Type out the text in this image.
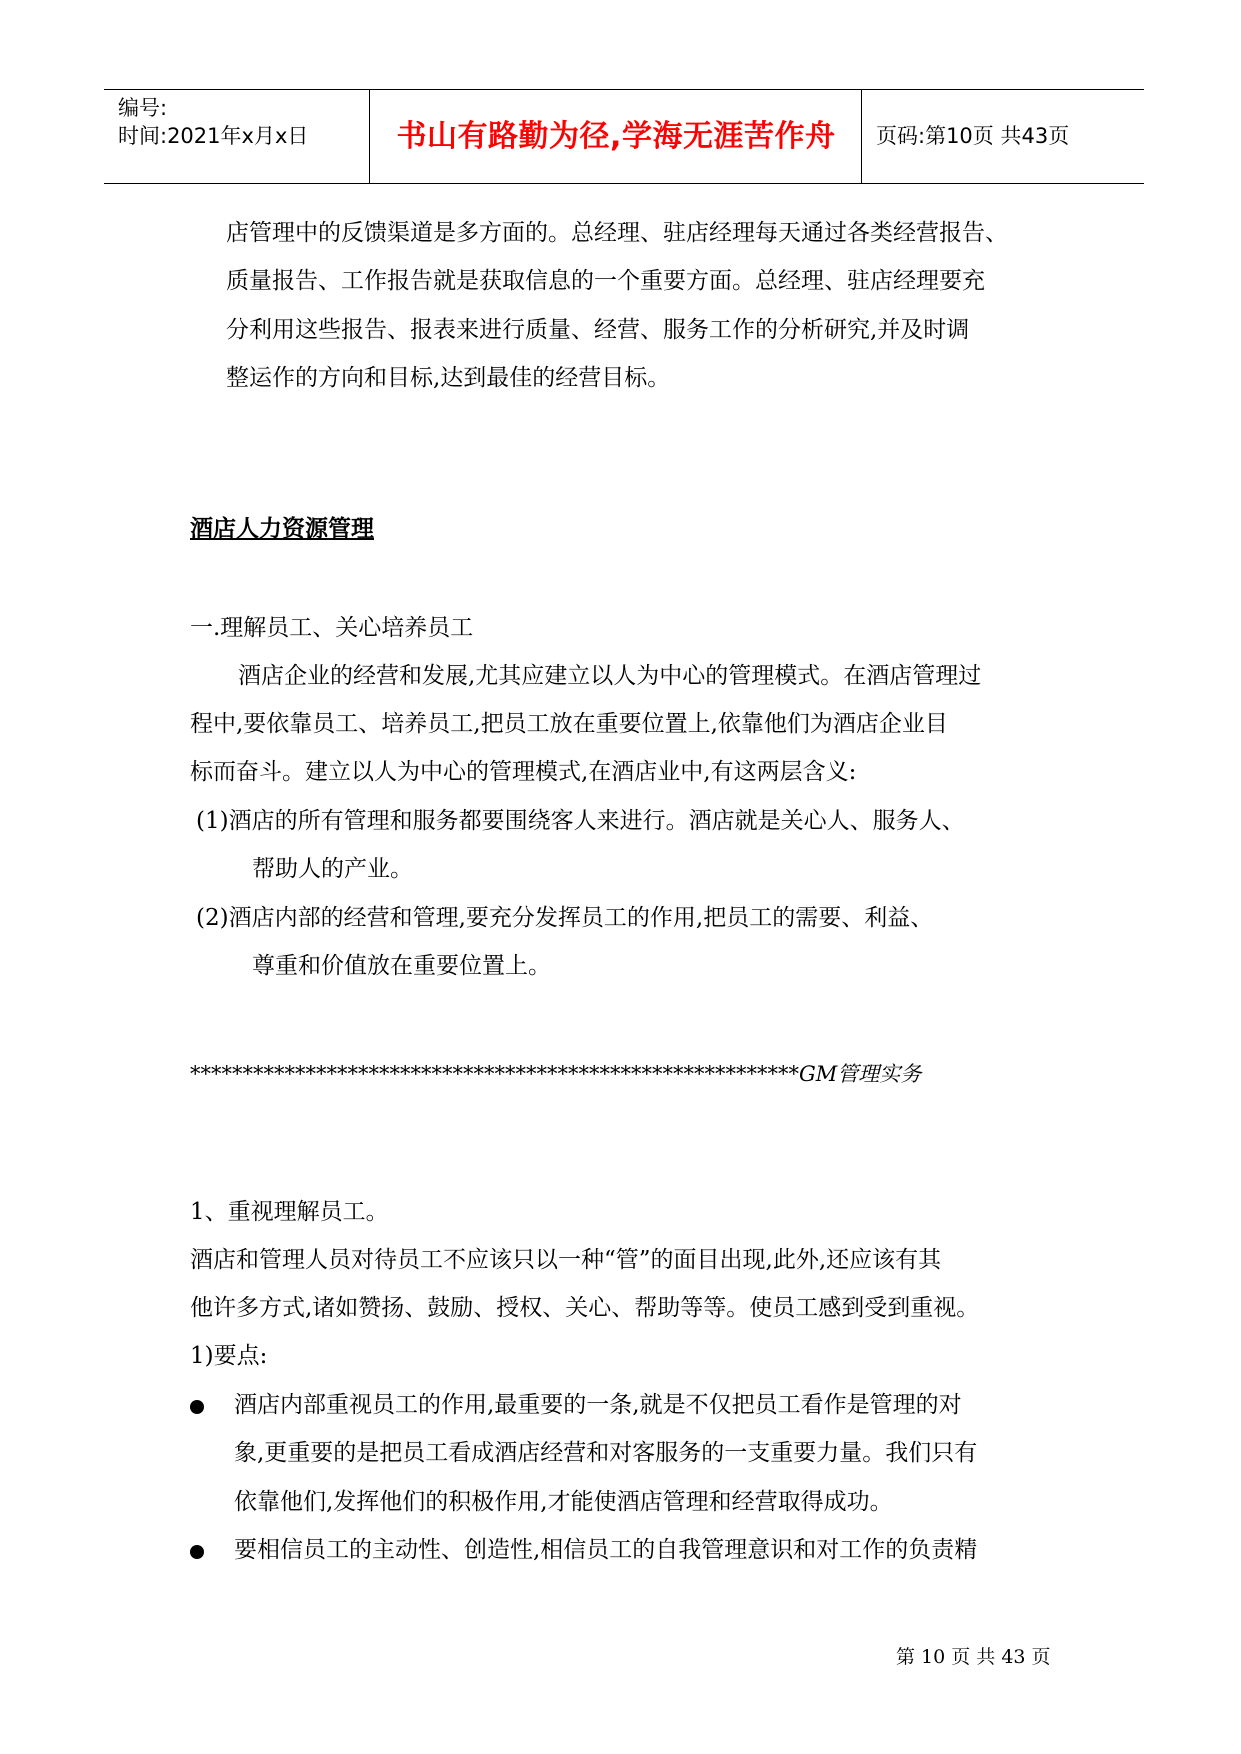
编号:
时间:2021年x月x日	书山有路勤为径,学海无涯苦作舟	页码:第10页 共43页
店管理中的反馈渠道是多方面的。总经理、驻店经理每天通过各类经营报告、
质量报告、工作报告就是获取信息的一个重要方面。总经理、驻店经理要充
分利用这些报告、报表来进行质量、经营、服务工作的分析研究,并及时调
整运作的方向和目标,达到最佳的经营目标。
酒店人力资源管理
一.理解员工、关心培养员工
酒店企业的经营和发展,尤其应建立以人为中心的管理模式。在酒店管理过
程中,要依靠员工、培养员工,把员工放在重要位置上,依靠他们为酒店企业目
标而奋斗。建立以人为中心的管理模式,在酒店业中,有这两层含义:
(1)酒店的所有管理和服务都要围绕客人来进行。酒店就是关心人、服务人、
帮助人的产业。
(2)酒店内部的经营和管理,要充分发挥员工的作用,把员工的需要、利益、
尊重和价值放在重要位置上。
**********************************************************GM管理实务
1、重视理解员工。
酒店和管理人员对待员工不应该只以一种“管”的面目出现,此外,还应该有其
他许多方式,诸如赞扬、鼓励、授权、关心、帮助等等。使员工感到受到重视。
1)要点:
酒店内部重视员工的作用,最重要的一条,就是不仅把员工看作是管理的对
象,更重要的是把员工看成酒店经营和对客服务的一支重要力量。我们只有
依靠他们,发挥他们的积极作用,才能使酒店管理和经营取得成功。
要相信员工的主动性、创造性,相信员工的自我管理意识和对工作的负责精
第 10 页 共 43 页
